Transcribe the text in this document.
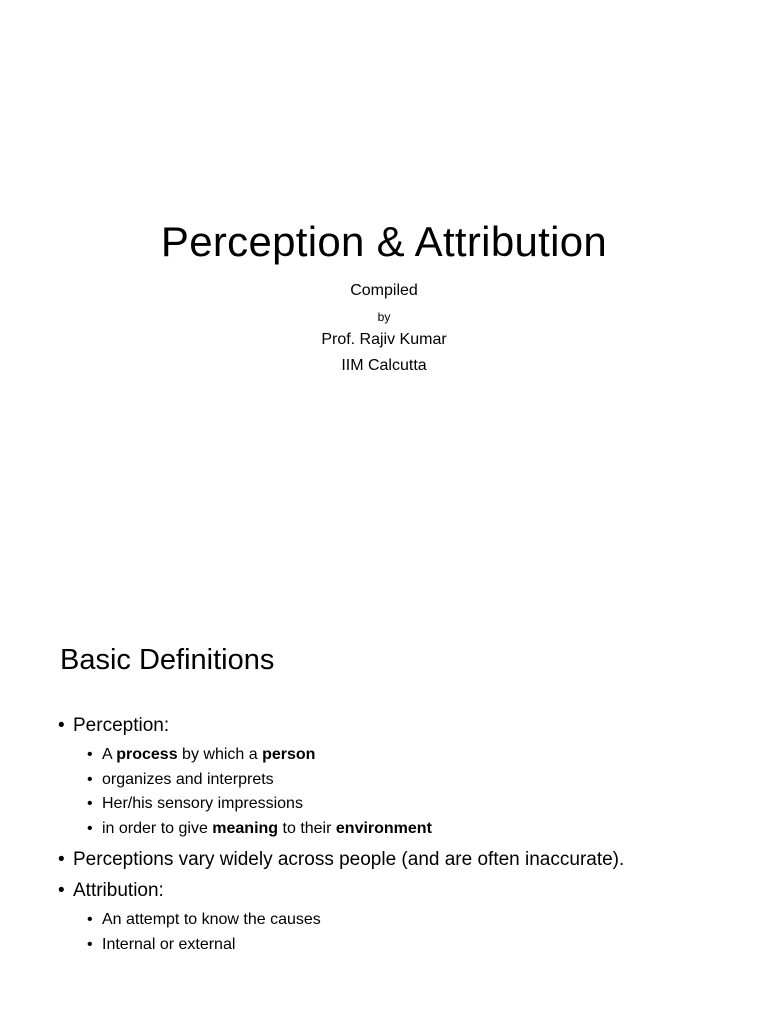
Perception & Attribution

Compiled

by

Prof. Rajiv Kumar

IIM Calcutta

Basic Definitions
• Perception:
• A process by which a person
• organizes and interprets
• Her/his sensory impressions
• in order to give meaning to their environment
• Perceptions vary widely across people (and are often inaccurate).
• Attribution:
• An attempt to know the causes
• Internal or external
